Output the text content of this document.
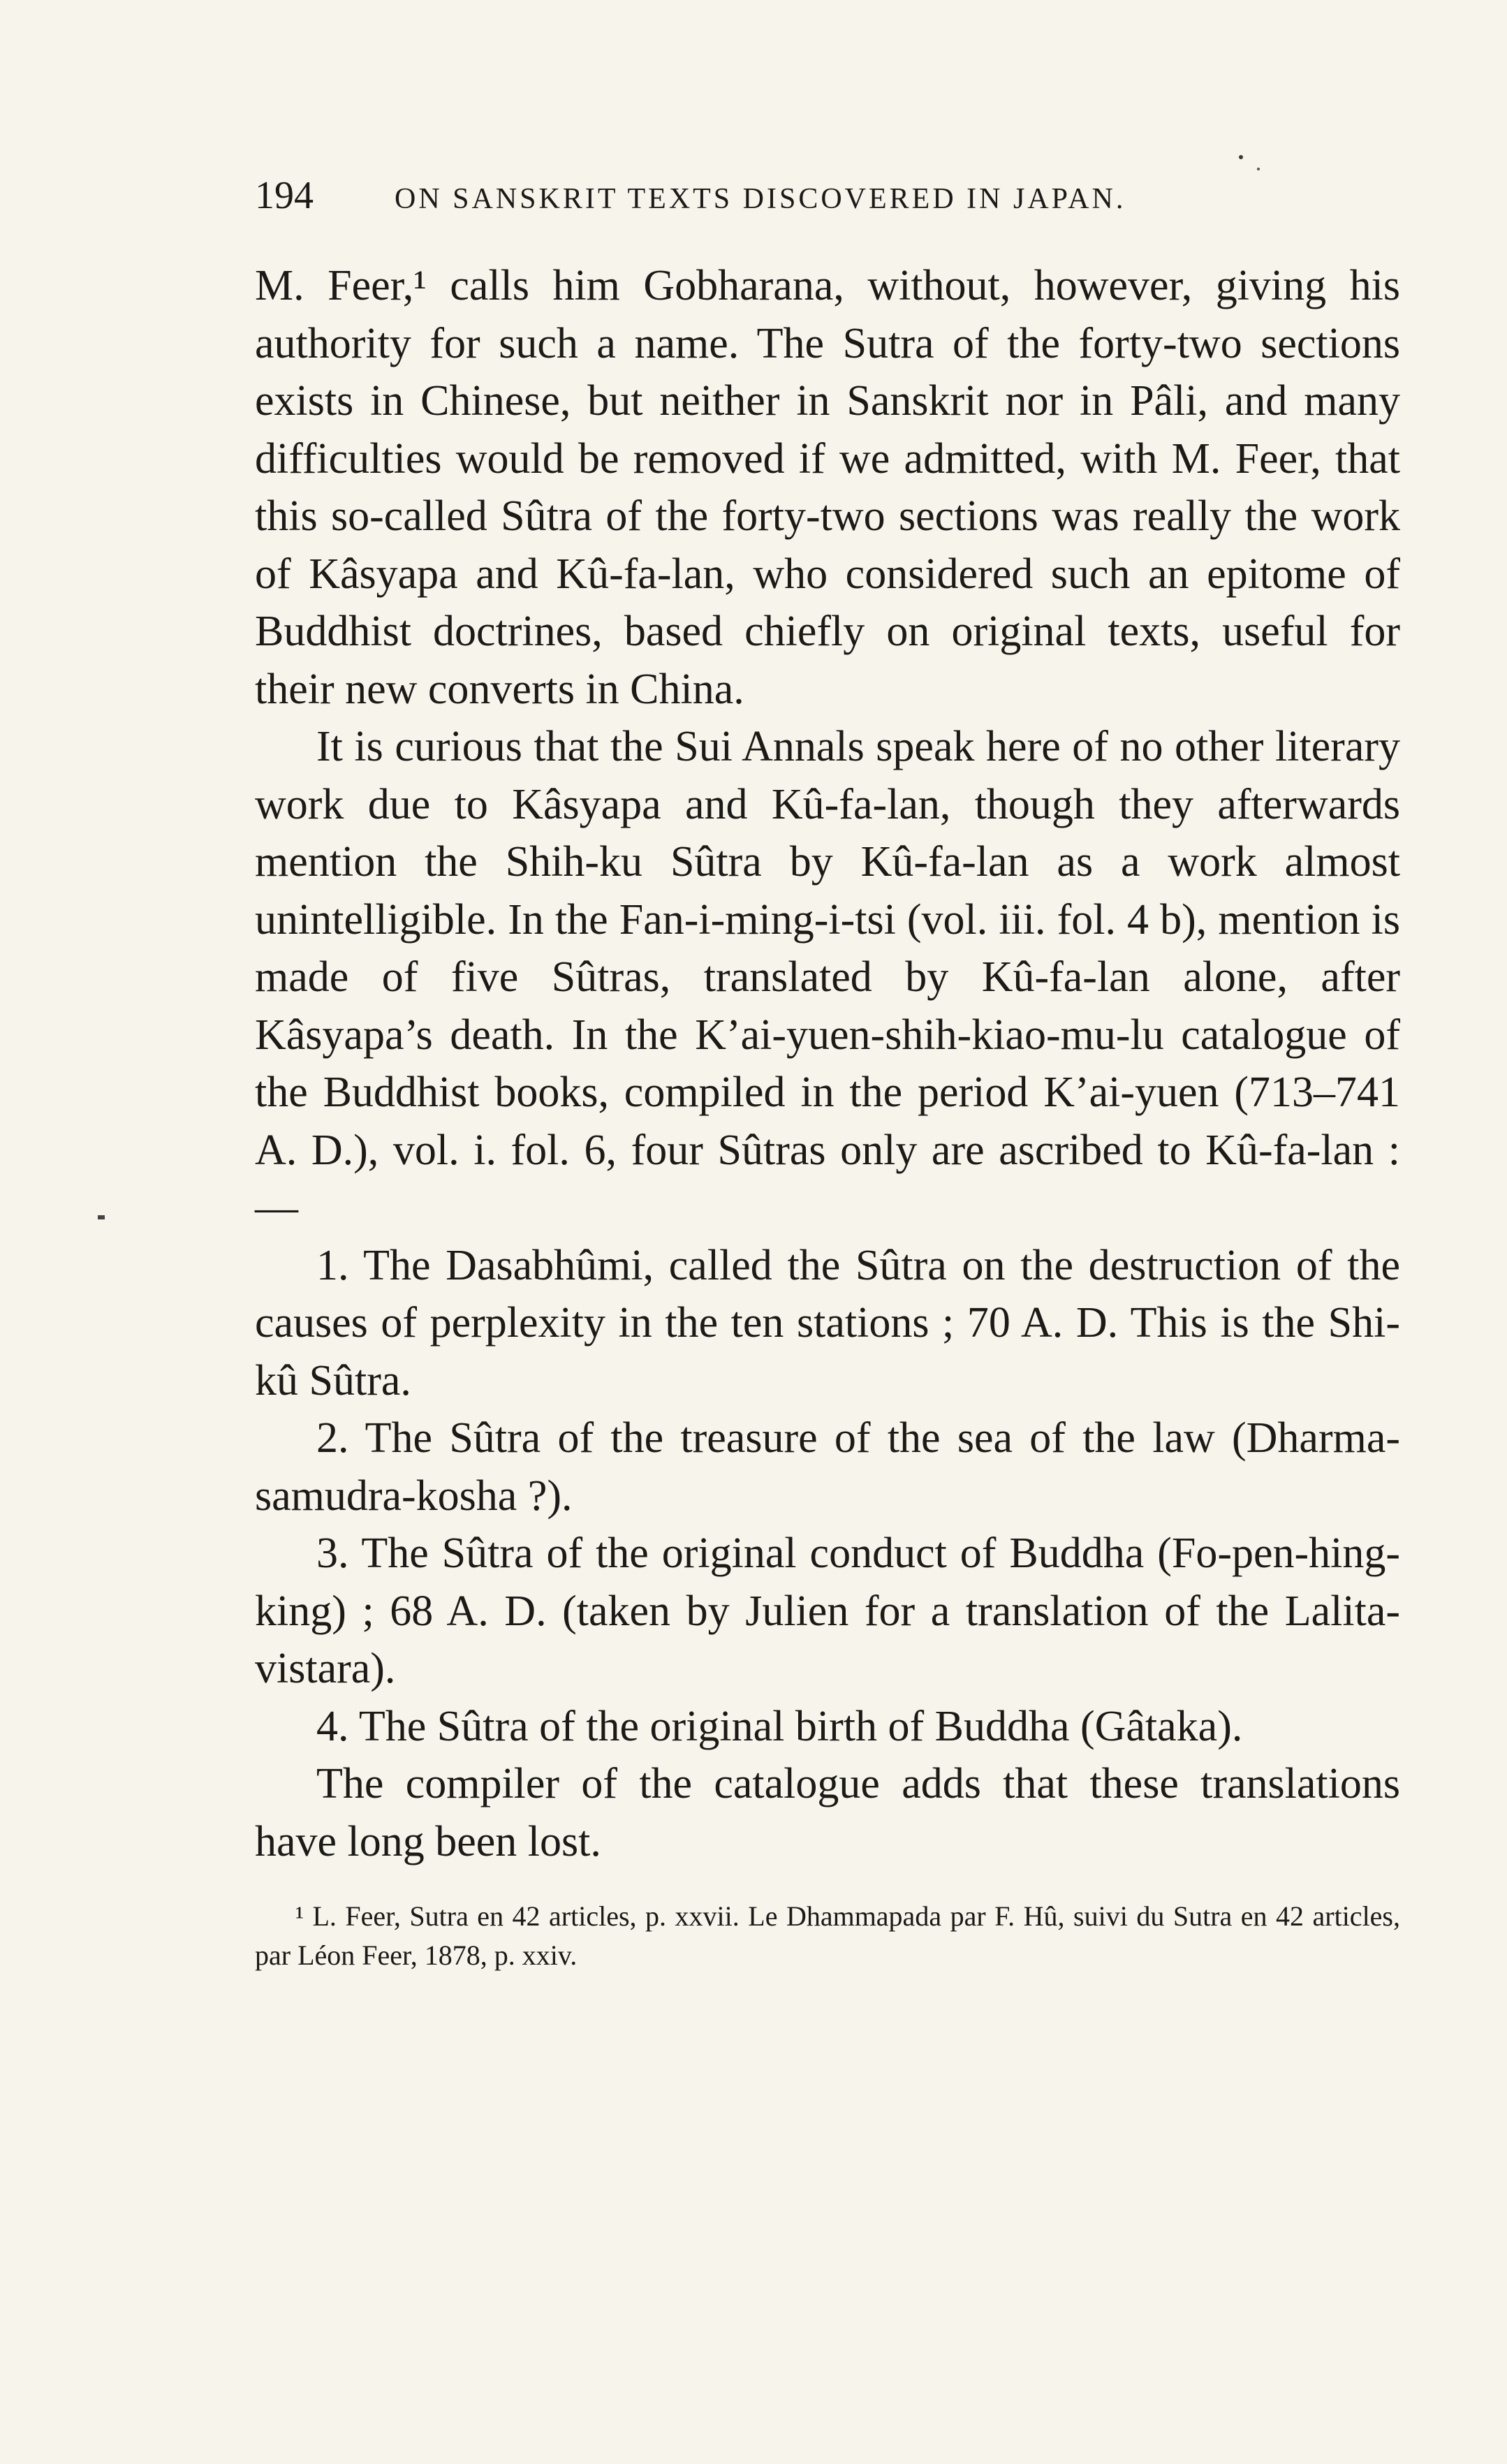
194	ON SANSKRIT TEXTS DISCOVERED IN JAPAN.

M. Feer,¹ calls him Gobharana, without, however, giving his authority for such a name. The Sutra of the forty-two sections exists in Chinese, but neither in Sanskrit nor in Pâli, and many difficulties would be removed if we admitted, with M. Feer, that this so-called Sûtra of the forty-two sections was really the work of Kâsyapa and Kû-fa-lan, who considered such an epitome of Buddhist doctrines, based chiefly on original texts, useful for their new converts in China.

It is curious that the Sui Annals speak here of no other literary work due to Kâsyapa and Kû-fa-lan, though they afterwards mention the Shih-ku Sûtra by Kû-fa-lan as a work almost unintelligible. In the Fan-i-ming-i-tsi (vol. iii. fol. 4 b), mention is made of five Sûtras, translated by Kû-fa-lan alone, after Kâsyapa’s death. In the K’ai-yuen-shih-kiao-mu-lu catalogue of the Buddhist books, compiled in the period K’ai-yuen (713–741 A. D.), vol. i. fol. 6, four Sûtras only are ascribed to Kû-fa-lan : —

1. The Dasabhûmi, called the Sûtra on the destruction of the causes of perplexity in the ten stations ; 70 A. D. This is the Shi-kû Sûtra.

2. The Sûtra of the treasure of the sea of the law (Dharma-samudra-kosha ?).

3. The Sûtra of the original conduct of Buddha (Fo-pen-hing-king) ; 68 A. D. (taken by Julien for a translation of the Lalita-vistara).

4. The Sûtra of the original birth of Buddha (Gâtaka).

The compiler of the catalogue adds that these translations have long been lost.

¹ L. Feer, Sutra en 42 articles, p. xxvii. Le Dhammapada par F. Hû, suivi du Sutra en 42 articles, par Léon Feer, 1878, p. xxiv.
